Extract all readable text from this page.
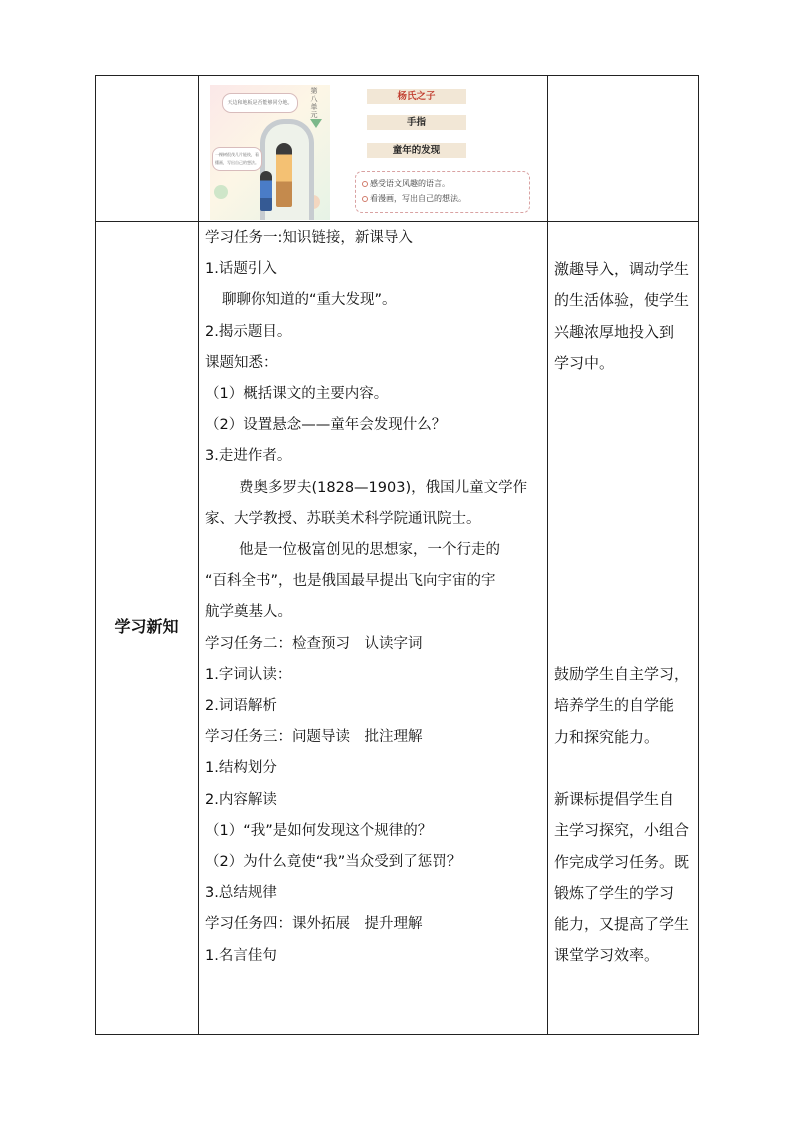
学习新知
天边和地板是否能够同分地。
一棵树很茂几片能枝，看懂画，写出自己的想法。
第八单元
杨氏之子
手指
童年的发现

感受语文风趣的语言。

看漫画，写出自己的想法。

学习任务一:知识链接，新课导入

1.话题引入

聊聊你知道的“重大发现”。

2.揭示题目。

课题知悉：

（1）概括课文的主要内容。

（2）设置悬念——童年会发现什么？

3.走进作者。

费奥多罗夫(1828—1903)，俄国儿童文学作

家、大学教授、苏联美术科学院通讯院士。

他是一位极富创见的思想家，一个行走的

“百科全书”，也是俄国最早提出飞向宇宙的宇

航学奠基人。

学习任务二：检查预习　认读字词

1.字词认读：

2.词语解析

学习任务三：问题导读　批注理解

1.结构划分

2.内容解读

（1）“我”是如何发现这个规律的？

（2）为什么竟使“我”当众受到了惩罚？

3.总结规律

学习任务四：课外拓展　提升理解

1.名言佳句

激趣导入，调动学生

的生活体验，使学生

兴趣浓厚地投入到

学习中。

鼓励学生自主学习，

培养学生的自学能

力和探究能力。

新课标提倡学生自

主学习探究，小组合

作完成学习任务。既

锻炼了学生的学习

能力，又提高了学生

课堂学习效率。
